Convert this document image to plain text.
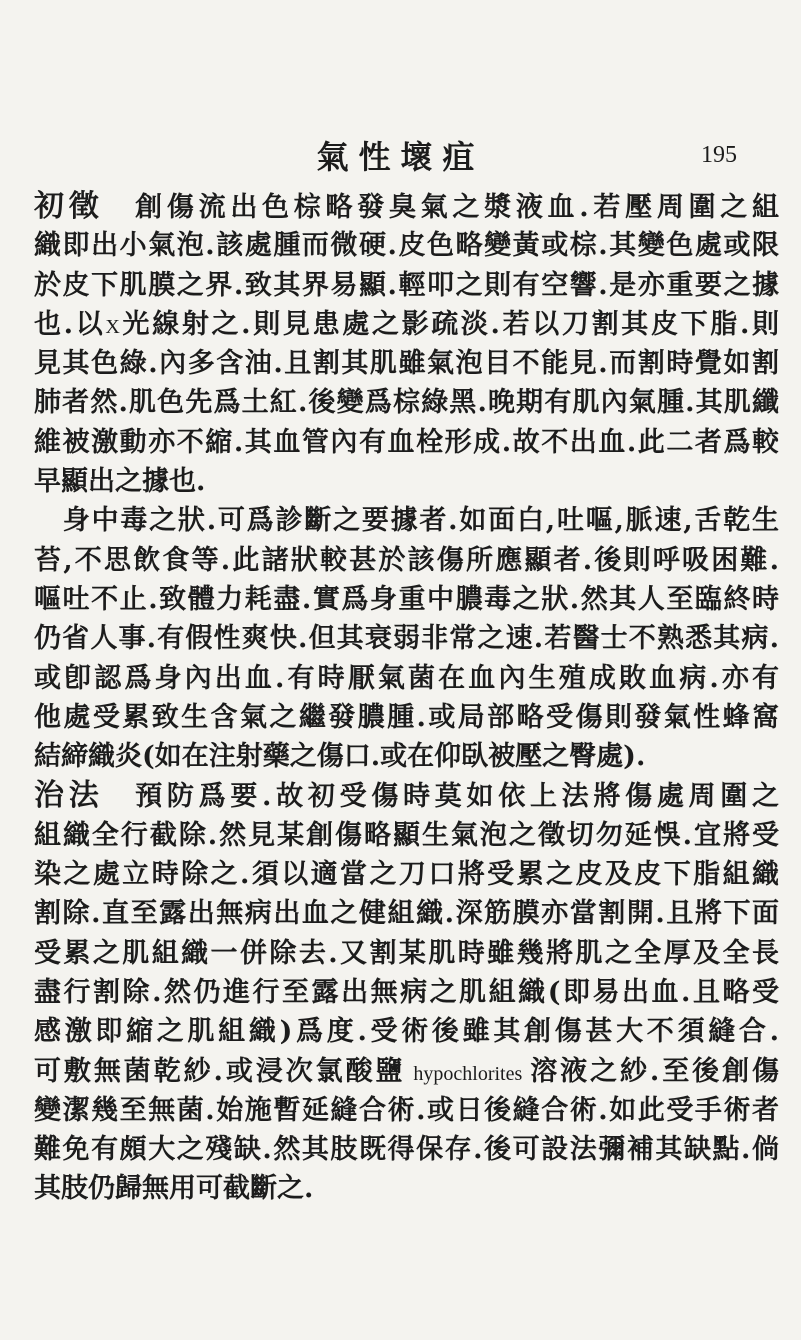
氣性壞疽	195
初徵　創傷流出色棕略發臭氣之漿液血.若壓周圍之組
織即出小氣泡.該處腫而微硬.皮色略變黃或棕.其變色處或限
於皮下肌膜之界.致其界易顯.輕叩之則有空響.是亦重要之據
也.以X光線射之.則見患處之影疏淡.若以刀割其皮下脂.則
見其色綠.內多含油.且割其肌雖氣泡目不能見.而割時覺如割
肺者然.肌色先爲土紅.後變爲棕綠黑.晚期有肌內氣腫.其肌纖
維被激動亦不縮.其血管內有血栓形成.故不出血.此二者爲較
早顯出之據也.
　身中毒之狀.可爲診斷之要據者.如面白,吐嘔,脈速,舌乾生
苔,不思飲食等.此諸狀較甚於該傷所應顯者.後則呼吸困難.
嘔吐不止.致體力耗盡.實爲身重中膿毒之狀.然其人至臨終時
仍省人事.有假性爽快.但其衰弱非常之速.若醫士不熟悉其病.
或卽認爲身內出血.有時厭氣菌在血內生殖成敗血病.亦有
他處受累致生含氣之繼發膿腫.或局部略受傷則發氣性蜂窩
結締織炎(如在注射藥之傷口.或在仰臥被壓之臀處).
治法　預防爲要.故初受傷時莫如依上法將傷處周圍之
組織全行截除.然見某創傷略顯生氣泡之徵切勿延悞.宜將受
染之處立時除之.須以適當之刀口將受累之皮及皮下脂組織
割除.直至露出無病出血之健組織.深筋膜亦當割開.且將下面
受累之肌組織一併除去.又割某肌時雖幾將肌之全厚及全長
盡行割除.然仍進行至露出無病之肌組織(即易出血.且略受
感激即縮之肌組織)爲度.受術後雖其創傷甚大不須縫合.
可敷無菌乾紗.或浸次氯酸鹽 hypochlorites 溶液之紗.至後創傷
變潔幾至無菌.始施暫延縫合術.或日後縫合術.如此受手術者
難免有頗大之殘缺.然其肢既得保存.後可設法彌補其缺點.倘
其肢仍歸無用可截斷之.
